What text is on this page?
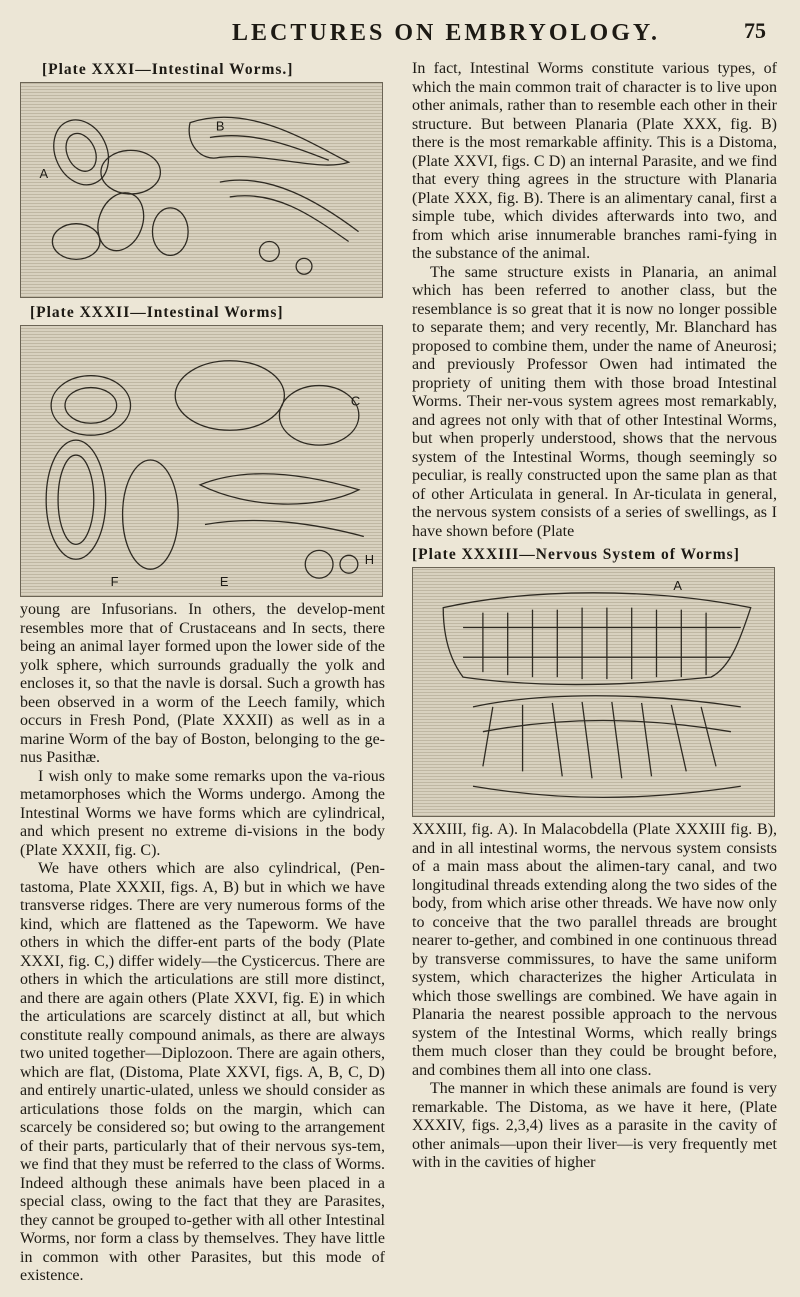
LECTURES ON EMBRYOLOGY.	75

[Plate XXXI—Intestinal Worms.]

A
B

[Plate XXXII—Intestinal Worms]

C
E
F
H

young are Infusorians. In others, the develop-ment resembles more that of Crustaceans and In sects, there being an animal layer formed upon the lower side of the yolk sphere, which surrounds gradually the yolk and encloses it, so that the navle is dorsal. Such a growth has been observed in a worm of the Leech family, which occurs in Fresh Pond, (Plate XXXII) as well as in a marine Worm of the bay of Boston, belonging to the ge-nus Pasithæ.

I wish only to make some remarks upon the va-rious metamorphoses which the Worms undergo. Among the Intestinal Worms we have forms which are cylindrical, and which present no extreme di-visions in the body (Plate XXXII, fig. C).

We have others which are also cylindrical, (Pen-tastoma, Plate XXXII, figs. A, B) but in which we have transverse ridges. There are very numerous forms of the kind, which are flattened as the Tapeworm. We have others in which the differ-ent parts of the body (Plate XXXI, fig. C,) differ widely—the Cysticercus. There are others in which the articulations are still more distinct, and there are again others (Plate XXVI, fig. E) in which the articulations are scarcely distinct at all, but which constitute really compound animals, as there are always two united together—Diplozoon. There are again others, which are flat, (Distoma, Plate XXVI, figs. A, B, C, D) and entirely unartic-ulated, unless we should consider as articulations those folds on the margin, which can scarcely be considered so; but owing to the arrangement of their parts, particularly that of their nervous sys-tem, we find that they must be referred to the class of Worms. Indeed although these animals have been placed in a special class, owing to the fact that they are Parasites, they cannot be grouped to-gether with all other Intestinal Worms, nor form a class by themselves. They have little in common with other Parasites, but this mode of existence.

In fact, Intestinal Worms constitute various types, of which the main common trait of character is to live upon other animals, rather than to resemble each other in their structure. But between Planaria (Plate XXX, fig. B) there is the most remarkable affinity. This is a Distoma, (Plate XXVI, figs. C D) an internal Parasite, and we find that every thing agrees in the structure with Planaria (Plate XXX, fig. B). There is an alimentary canal, first a simple tube, which divides afterwards into two, and from which arise innumerable branches rami-fying in the substance of the animal.

The same structure exists in Planaria, an animal which has been referred to another class, but the resemblance is so great that it is now no longer possible to separate them; and very recently, Mr. Blanchard has proposed to combine them, under the name of Aneurosi; and previously Professor Owen had intimated the propriety of uniting them with those broad Intestinal Worms. Their ner-vous system agrees most remarkably, and agrees not only with that of other Intestinal Worms, but when properly understood, shows that the nervous system of the Intestinal Worms, though seemingly so peculiar, is really constructed upon the same plan as that of other Articulata in general. In Ar-ticulata in general, the nervous system consists of a series of swellings, as I have shown before (Plate

[Plate XXXIII—Nervous System of Worms]

A

XXXIII, fig. A). In Malacobdella (Plate XXXIII fig. B), and in all intestinal worms, the nervous system consists of a main mass about the alimen-tary canal, and two longitudinal threads extending along the two sides of the body, from which arise other threads. We have now only to conceive that the two parallel threads are brought nearer to-gether, and combined in one continuous thread by transverse commissures, to have the same uniform system, which characterizes the higher Articulata in which those swellings are combined. We have again in Planaria the nearest possible approach to the nervous system of the Intestinal Worms, which really brings them much closer than they could be brought before, and combines them all into one class.

The manner in which these animals are found is very remarkable. The Distoma, as we have it here, (Plate XXXIV, figs. 2,3,4) lives as a parasite in the cavity of other animals—upon their liver—is very frequently met with in the cavities of higher
